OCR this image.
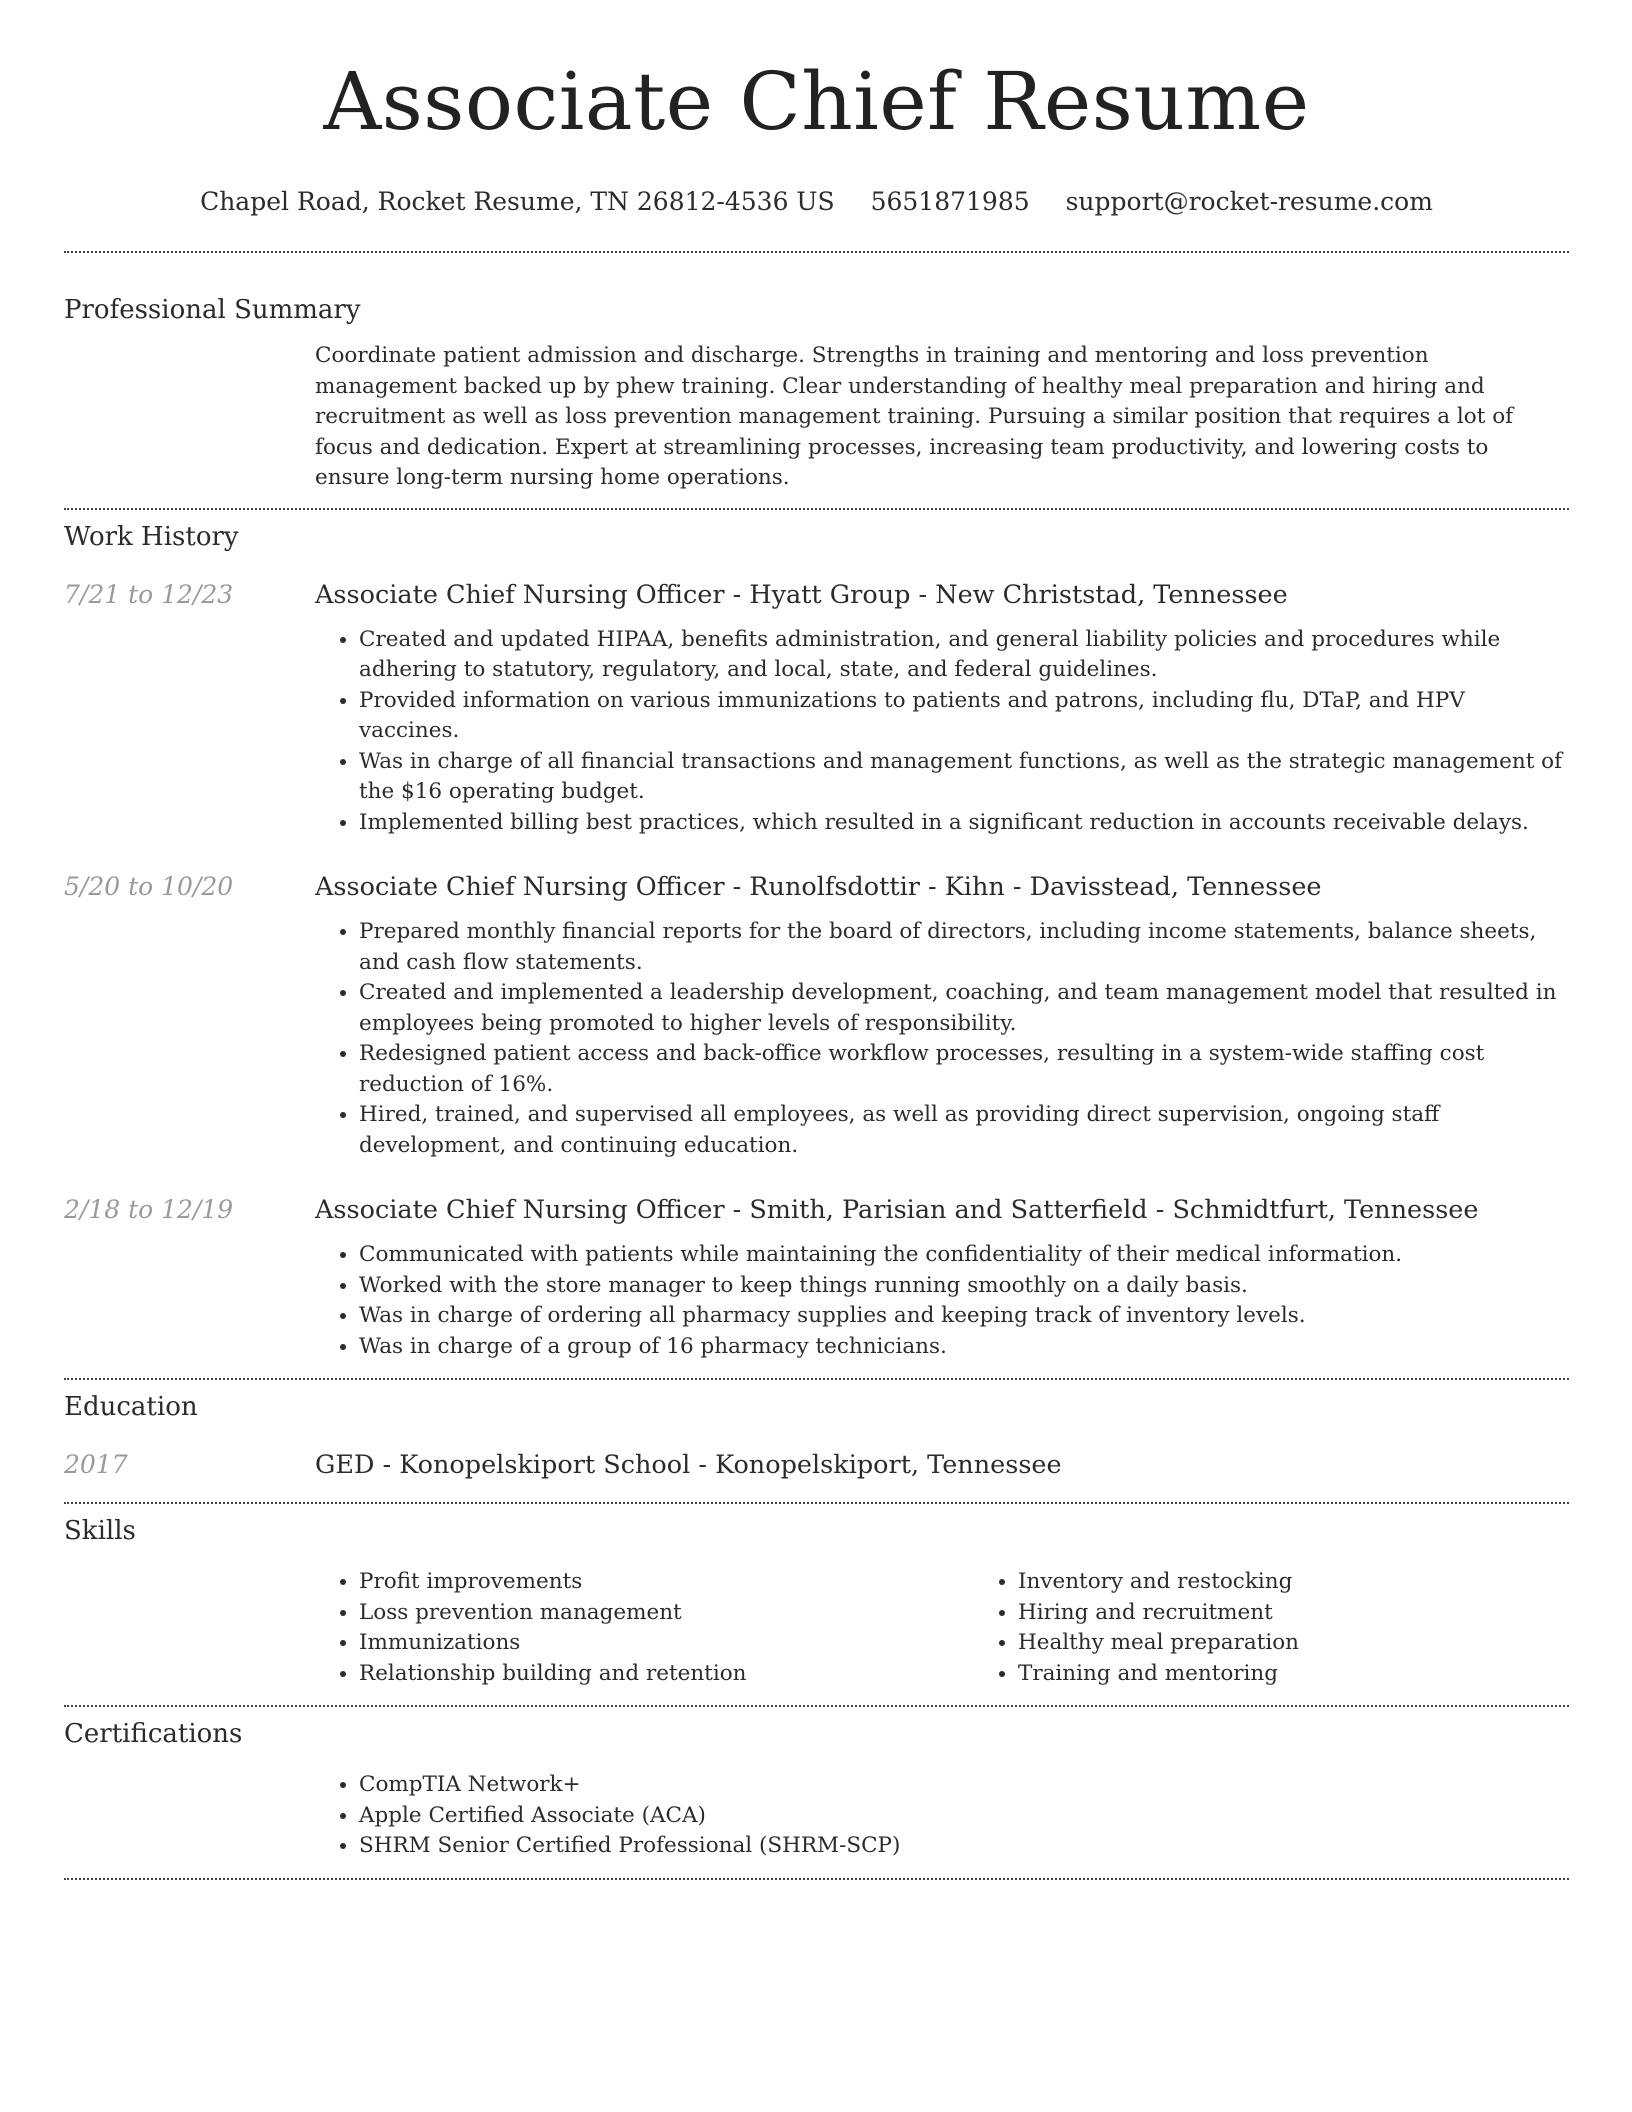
Associate Chief Resume
Chapel Road, Rocket Resume, TN 26812-4536 US 5651871985 support@rocket-resume.com
Professional Summary
Coordinate patient admission and discharge. Strengths in training and mentoring and loss prevention management backed up by phew training. Clear understanding of healthy meal preparation and hiring and recruitment as well as loss prevention management training. Pursuing a similar position that requires a lot of focus and dedication. Expert at streamlining processes, increasing team productivity, and lowering costs to ensure long-term nursing home operations.
Work History
7/21 to 12/23	Associate Chief Nursing Officer - Hyatt Group - New Christstad, Tennessee
• Created and updated HIPAA, benefits administration, and general liability policies and procedures while adhering to statutory, regulatory, and local, state, and federal guidelines.
• Provided information on various immunizations to patients and patrons, including flu, DTaP, and HPV vaccines.
• Was in charge of all financial transactions and management functions, as well as the strategic management of the $16 operating budget.
• Implemented billing best practices, which resulted in a significant reduction in accounts receivable delays.
5/20 to 10/20	Associate Chief Nursing Officer - Runolfsdottir - Kihn - Davisstead, Tennessee
• Prepared monthly financial reports for the board of directors, including income statements, balance sheets, and cash flow statements.
• Created and implemented a leadership development, coaching, and team management model that resulted in employees being promoted to higher levels of responsibility.
• Redesigned patient access and back-office workflow processes, resulting in a system-wide staffing cost reduction of 16%.
• Hired, trained, and supervised all employees, as well as providing direct supervision, ongoing staff development, and continuing education.
2/18 to 12/19	Associate Chief Nursing Officer - Smith, Parisian and Satterfield - Schmidtfurt, Tennessee
• Communicated with patients while maintaining the confidentiality of their medical information.
• Worked with the store manager to keep things running smoothly on a daily basis.
• Was in charge of ordering all pharmacy supplies and keeping track of inventory levels.
• Was in charge of a group of 16 pharmacy technicians.
Education
2017	GED - Konopelskiport School - Konopelskiport, Tennessee
Skills
• Profit improvements
• Loss prevention management
• Immunizations
• Relationship building and retention
• Inventory and restocking
• Hiring and recruitment
• Healthy meal preparation
• Training and mentoring
Certifications
• CompTIA Network+
• Apple Certified Associate (ACA)
• SHRM Senior Certified Professional (SHRM-SCP)
